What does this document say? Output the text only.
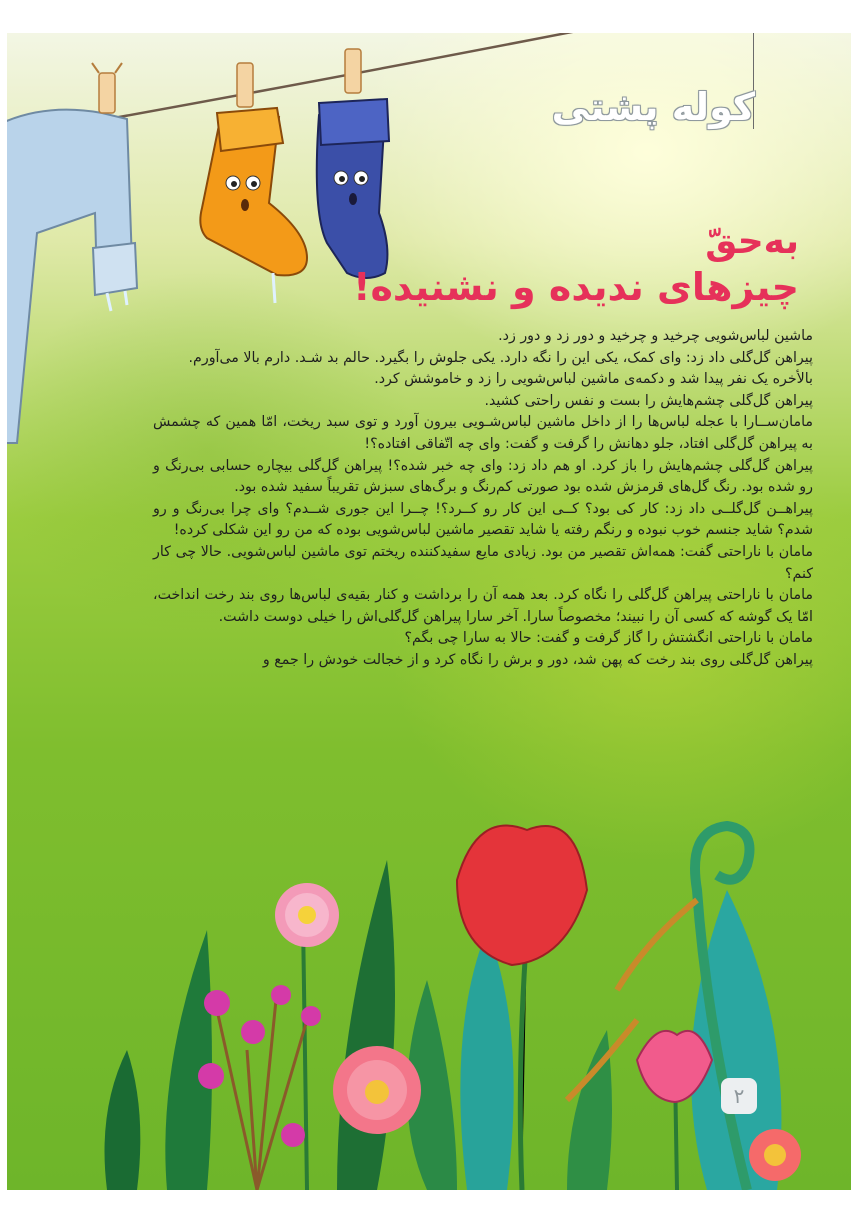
کوله پشتی
به‌حقّ
چیزهای ندیده و نشنیده!

ماشین لباس‌شویی چرخید و چرخید و دور زد و دور زد.

پیراهن گل‌گلی داد زد: وای کمک، یکی این را نگه دارد. یکی جلوش را بگیرد. حالم بد شـد. دارم بالا می‌آورم.

بالأخره یک نفر پیدا شد و دکمه‌ی ماشین لباس‌شویی را زد و خاموشش کرد.

پیراهن گل‌گلی چشم‌هایش را بست و نفس راحتی کشید.

مامان‌ســارا با عجله لباس‌ها را از داخل ماشین لباس‌شـویی بیرون آورد و توی سبد ریخت، امّا همین که چشمش به پیراهن گل‌گلی افتاد، جلو دهانش را گرفت و گفت: وای چه اتّفاقی افتاده؟!

پیراهن گل‌گلی چشم‌هایش را باز کرد. او هم داد زد: وای چه خبر شده؟! پیراهن گل‌گلی بیچاره حسابی بی‌رنگ و رو شده بود. رنگ گل‌های قرمزش شده بود صورتی کم‌رنگ و برگ‌های سبزش تقریباً سفید شده بود.

پیراهــن گل‌گلــی داد زد: کار کی بود؟ کــی این کار رو کــرد؟! چــرا این جوری شــدم؟ وای چرا بی‌رنگ و رو شدم؟ شاید جنسم خوب نبوده و رنگم رفته یا شاید تقصیر ماشین لباس‌شویی بوده که من رو این شکلی کرده!

مامان با ناراحتی گفت: همه‌اش تقصیر من بود. زیادی مایع سفیدکننده ریختم توی ماشین لباس‌شویی. حالا چی کار کنم؟

مامان با ناراحتی پیراهن گل‌گلی را نگاه کرد. بعد همه آن را برداشت و کنار بقیه‌ی لباس‌ها روی بند رخت انداخت، امّا یک گوشه که کسی آن را نبیند؛ مخصوصاً سارا. آخر سارا پیراهن گل‌گلی‌اش را خیلی دوست داشت.

مامان با ناراحتی انگشتش را گاز گرفت و گفت: حالا به سارا چی بگم؟

پیراهن گل‌گلی روی بند رخت که پهن شد، دور و برش را نگاه کرد و از خجالت خودش را جمع و

۲
